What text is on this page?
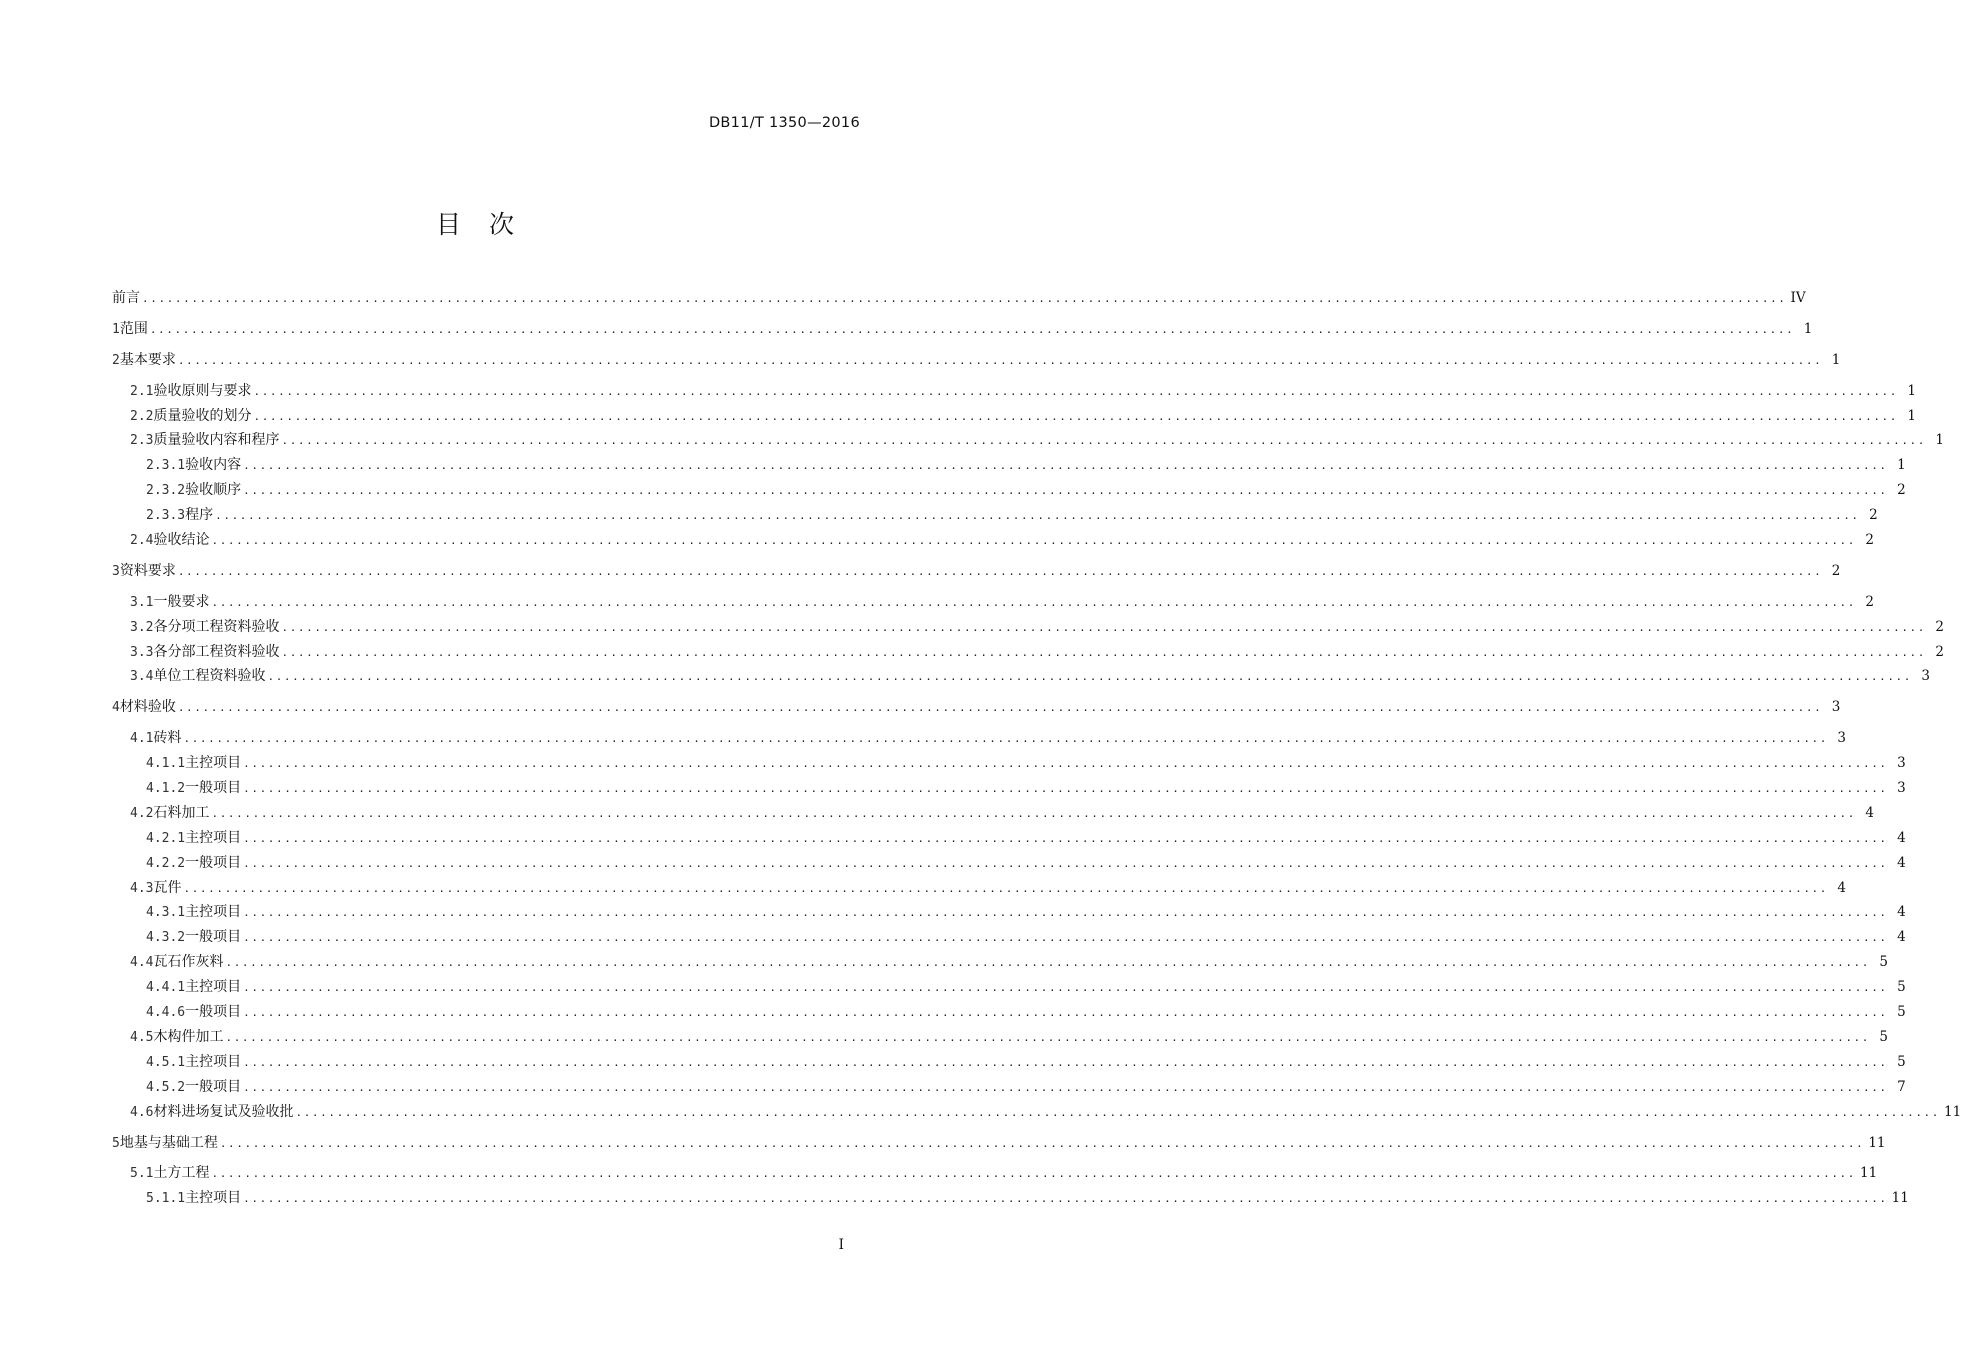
DB11/T 1350—2016
目次
前言 ........................................................................................................................................................................................................ IV
1 范围 ........................................................................................................................................................................................................ 1
2 基本要求 ........................................................................................................................................................................................................ 1
2.1 验收原则与要求 ........................................................................................................................................................................................................ 1
2.2 质量验收的划分 ........................................................................................................................................................................................................ 1
2.3 质量验收内容和程序 ........................................................................................................................................................................................................ 1
2.3.1 验收内容 ........................................................................................................................................................................................................ 1
2.3.2 验收顺序 ........................................................................................................................................................................................................ 2
2.3.3 程序 ........................................................................................................................................................................................................ 2
2.4 验收结论 ........................................................................................................................................................................................................ 2
3 资料要求 ........................................................................................................................................................................................................ 2
3.1 一般要求 ........................................................................................................................................................................................................ 2
3.2 各分项工程资料验收 ........................................................................................................................................................................................................ 2
3.3 各分部工程资料验收 ........................................................................................................................................................................................................ 2
3.4 单位工程资料验收 ........................................................................................................................................................................................................ 3
4 材料验收 ........................................................................................................................................................................................................ 3
4.1 砖料 ........................................................................................................................................................................................................ 3
4.1.1 主控项目 ........................................................................................................................................................................................................ 3
4.1.2 一般项目 ........................................................................................................................................................................................................ 3
4.2 石料加工 ........................................................................................................................................................................................................ 4
4.2.1 主控项目 ........................................................................................................................................................................................................ 4
4.2.2 一般项目 ........................................................................................................................................................................................................ 4
4.3 瓦件 ........................................................................................................................................................................................................ 4
4.3.1 主控项目 ........................................................................................................................................................................................................ 4
4.3.2 一般项目 ........................................................................................................................................................................................................ 4
4.4 瓦石作灰料 ........................................................................................................................................................................................................ 5
4.4.1 主控项目 ........................................................................................................................................................................................................ 5
4.4.6 一般项目 ........................................................................................................................................................................................................ 5
4.5 木构件加工 ........................................................................................................................................................................................................ 5
4.5.1 主控项目 ........................................................................................................................................................................................................ 5
4.5.2 一般项目 ........................................................................................................................................................................................................ 7
4.6 材料进场复试及验收批 ........................................................................................................................................................................................................ 11
5 地基与基础工程 ........................................................................................................................................................................................................ 11
5.1 土方工程 ........................................................................................................................................................................................................ 11
5.1.1 主控项目 ........................................................................................................................................................................................................ 11
I
